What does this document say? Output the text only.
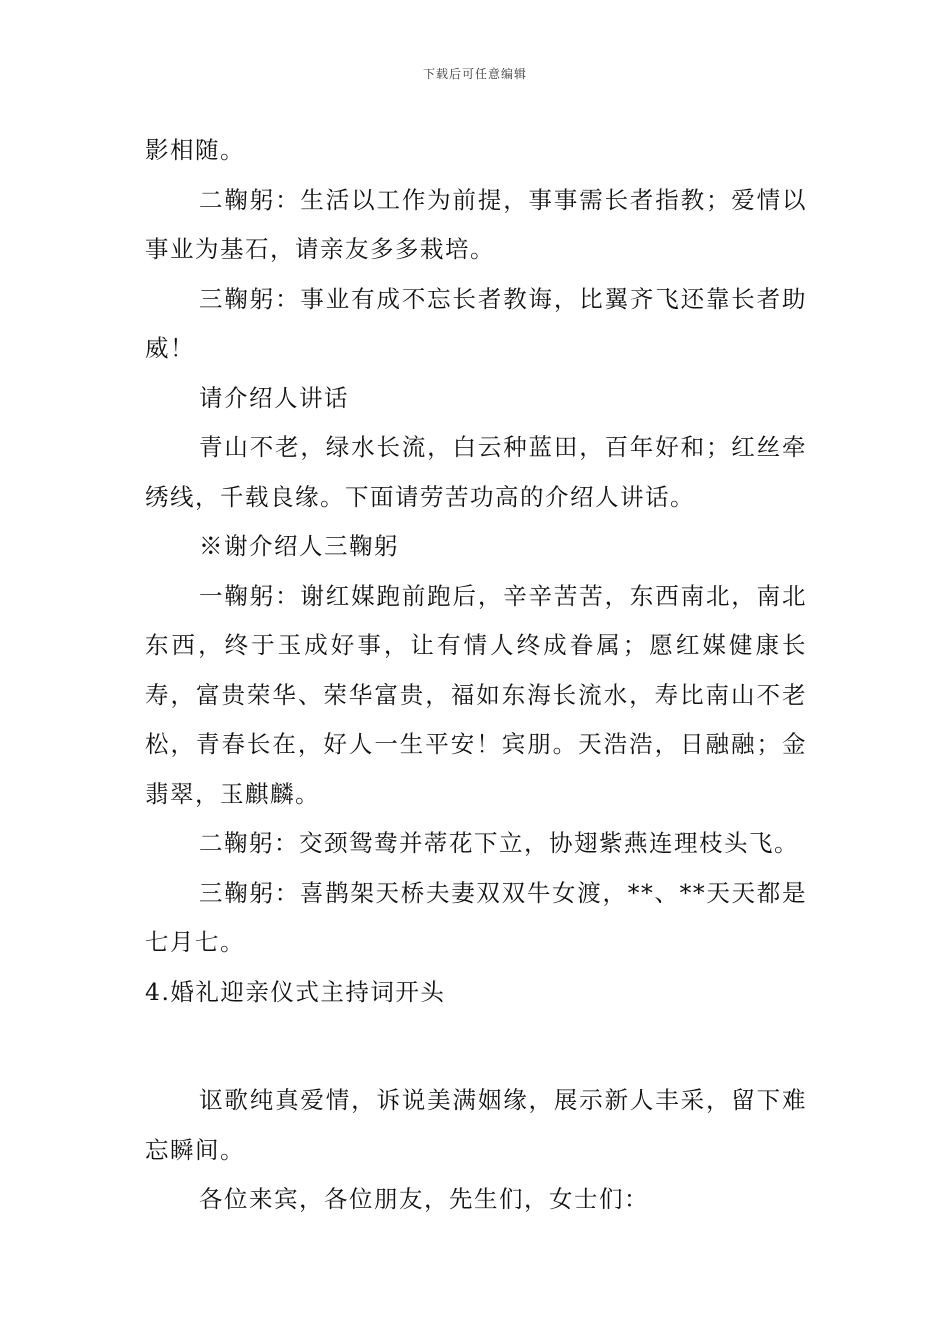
下载后可任意编辑

影相随。

二鞠躬：生活以工作为前提，事事需长者指教；爱情以事业为基石，请亲友多多栽培。

三鞠躬：事业有成不忘长者教诲，比翼齐飞还靠长者助威！

请介绍人讲话

青山不老，绿水长流，白云种蓝田，百年好和；红丝牵绣线，千载良缘。下面请劳苦功高的介绍人讲话。

※谢介绍人三鞠躬

一鞠躬：谢红媒跑前跑后，辛辛苦苦，东西南北，南北东西，终于玉成好事，让有情人终成眷属；愿红媒健康长寿，富贵荣华、荣华富贵，福如东海长流水，寿比南山不老松，青春长在，好人一生平安！宾朋。天浩浩，日融融；金翡翠，玉麒麟。

二鞠躬：交颈鸳鸯并蒂花下立，协翅紫燕连理枝头飞。

三鞠躬：喜鹊架天桥夫妻双双牛女渡，**、**天天都是七月七。

4.婚礼迎亲仪式主持词开头

讴歌纯真爱情，诉说美满姻缘，展示新人丰采，留下难忘瞬间。

各位来宾，各位朋友，先生们，女士们：
